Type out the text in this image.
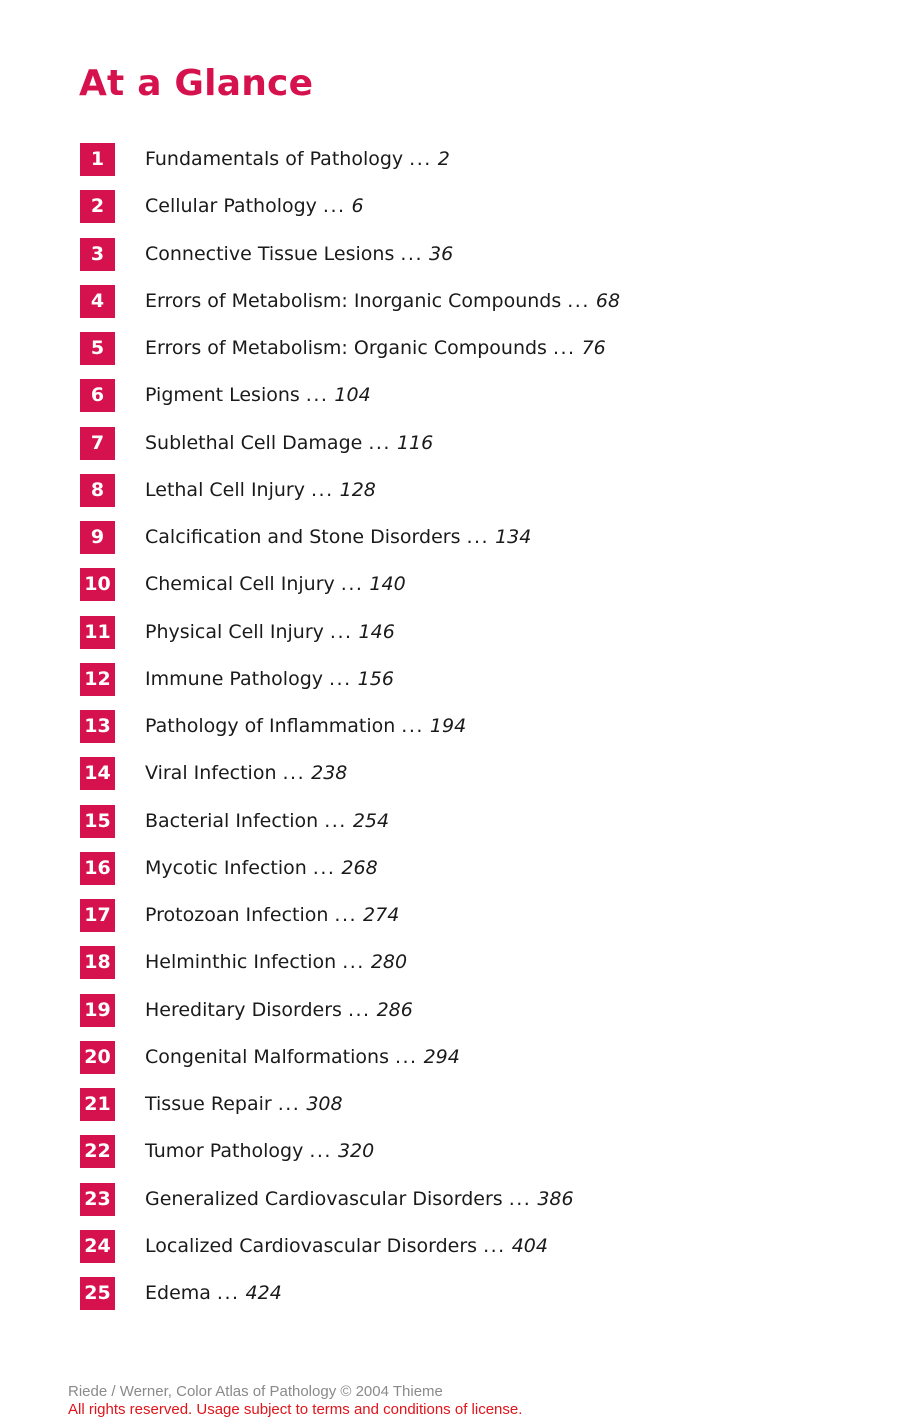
At a Glance
1	Fundamentals of Pathology ... 2
2	Cellular Pathology ... 6
3	Connective Tissue Lesions ... 36
4	Errors of Metabolism: Inorganic Compounds ... 68
5	Errors of Metabolism: Organic Compounds ... 76
6	Pigment Lesions ... 104
7	Sublethal Cell Damage ... 116
8	Lethal Cell Injury ... 128
9	Calcification and Stone Disorders ... 134
10 Chemical Cell Injury ... 140
11 Physical Cell Injury ... 146
12 Immune Pathology ... 156
13 Pathology of Inflammation ... 194
14 Viral Infection ... 238
15 Bacterial Infection ... 254
16 Mycotic Infection ... 268
17 Protozoan Infection ... 274
18 Helminthic Infection ... 280
19 Hereditary Disorders ... 286
20 Congenital Malformations ... 294
21 Tissue Repair ... 308
22 Tumor Pathology ... 320
23 Generalized Cardiovascular Disorders ... 386
24 Localized Cardiovascular Disorders ... 404
25 Edema ... 424
Riede / Werner, Color Atlas of Pathology © 2004 Thieme
All rights reserved. Usage subject to terms and conditions of license.
